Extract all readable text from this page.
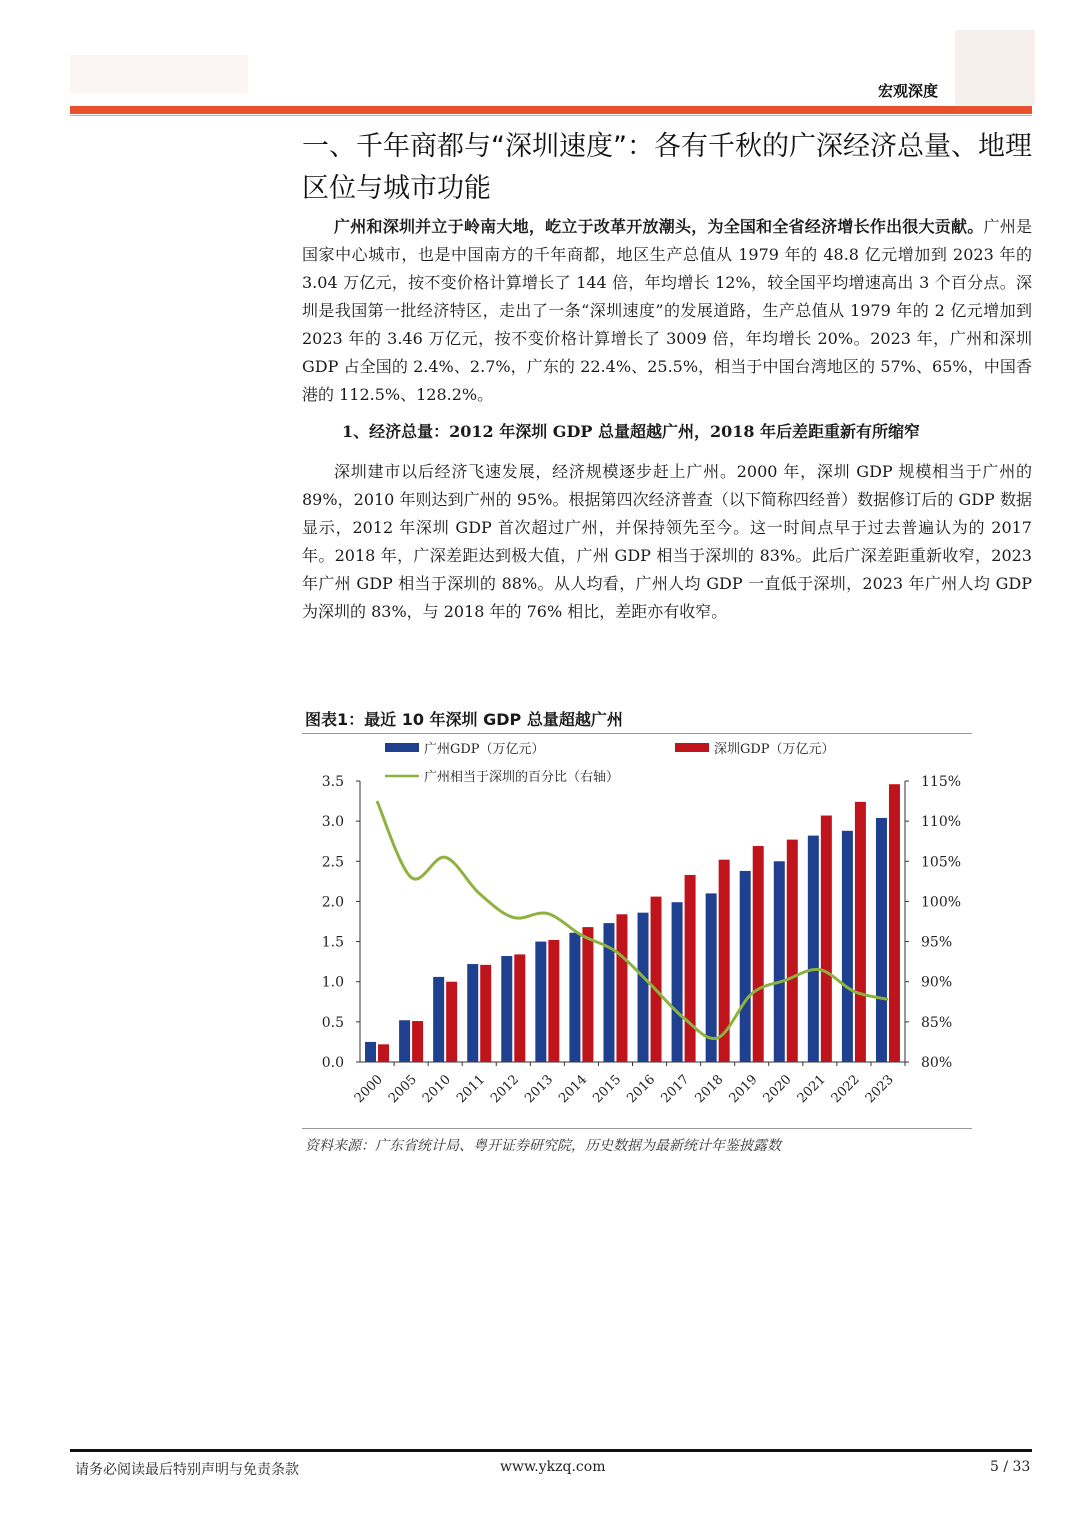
宏观深度
一、千年商都与“深圳速度”：各有千秋的广深经济总量、地理区位与城市功能

广州和深圳并立于岭南大地，屹立于改革开放潮头，为全国和全省经济增长作出很大贡献。广州是国家中心城市，也是中国南方的千年商都，地区生产总值从 1979 年的 48.8 亿元增加到 2023 年的 3.04 万亿元，按不变价格计算增长了 144 倍，年均增长 12%，较全国平均增速高出 3 个百分点。深圳是我国第一批经济特区，走出了一条“深圳速度”的发展道路，生产总值从 1979 年的 2 亿元增加到 2023 年的 3.46 万亿元，按不变价格计算增长了 3009 倍，年均增长 20%。2023 年，广州和深圳 GDP 占全国的 2.4%、2.7%，广东的 22.4%、25.5%，相当于中国台湾地区的 57%、65%，中国香港的 112.5%、128.2%。

1、经济总量：2012 年深圳 GDP 总量超越广州，2018 年后差距重新有所缩窄

深圳建市以后经济飞速发展，经济规模逐步赶上广州。2000 年，深圳 GDP 规模相当于广州的 89%，2010 年则达到广州的 95%。根据第四次经济普查（以下简称四经普）数据修订后的 GDP 数据显示，2012 年深圳 GDP 首次超过广州，并保持领先至今。这一时间点早于过去普遍认为的 2017 年。2018 年，广深差距达到极大值，广州 GDP 相当于深圳的 83%。此后广深差距重新收窄，2023 年广州 GDP 相当于深圳的 88%。从人均看，广州人均 GDP 一直低于深圳，2023 年广州人均 GDP 为深圳的 83%，与 2018 年的 76% 相比，差距亦有收窄。

图表1：最近 10 年深圳 GDP 总量超越广州
广州GDP（万亿元）	深圳GDP（万亿元）
广州相当于深圳的百分比（右轴）
0.0
0.5
1.0
1.5
2.0
2.5
3.0
3.5
80%
85%
90%
95%
100%
105%
110%
115%
2000 2005 2010 2011 2012 2013 2014 2015 2016 2017 2018 2019 2020 2021 2022 2023
资料来源：广东省统计局、粤开证券研究院，历史数据为最新统计年鉴披露数
请务必阅读最后特别声明与免责条款	www.ykzq.com	5 / 33
